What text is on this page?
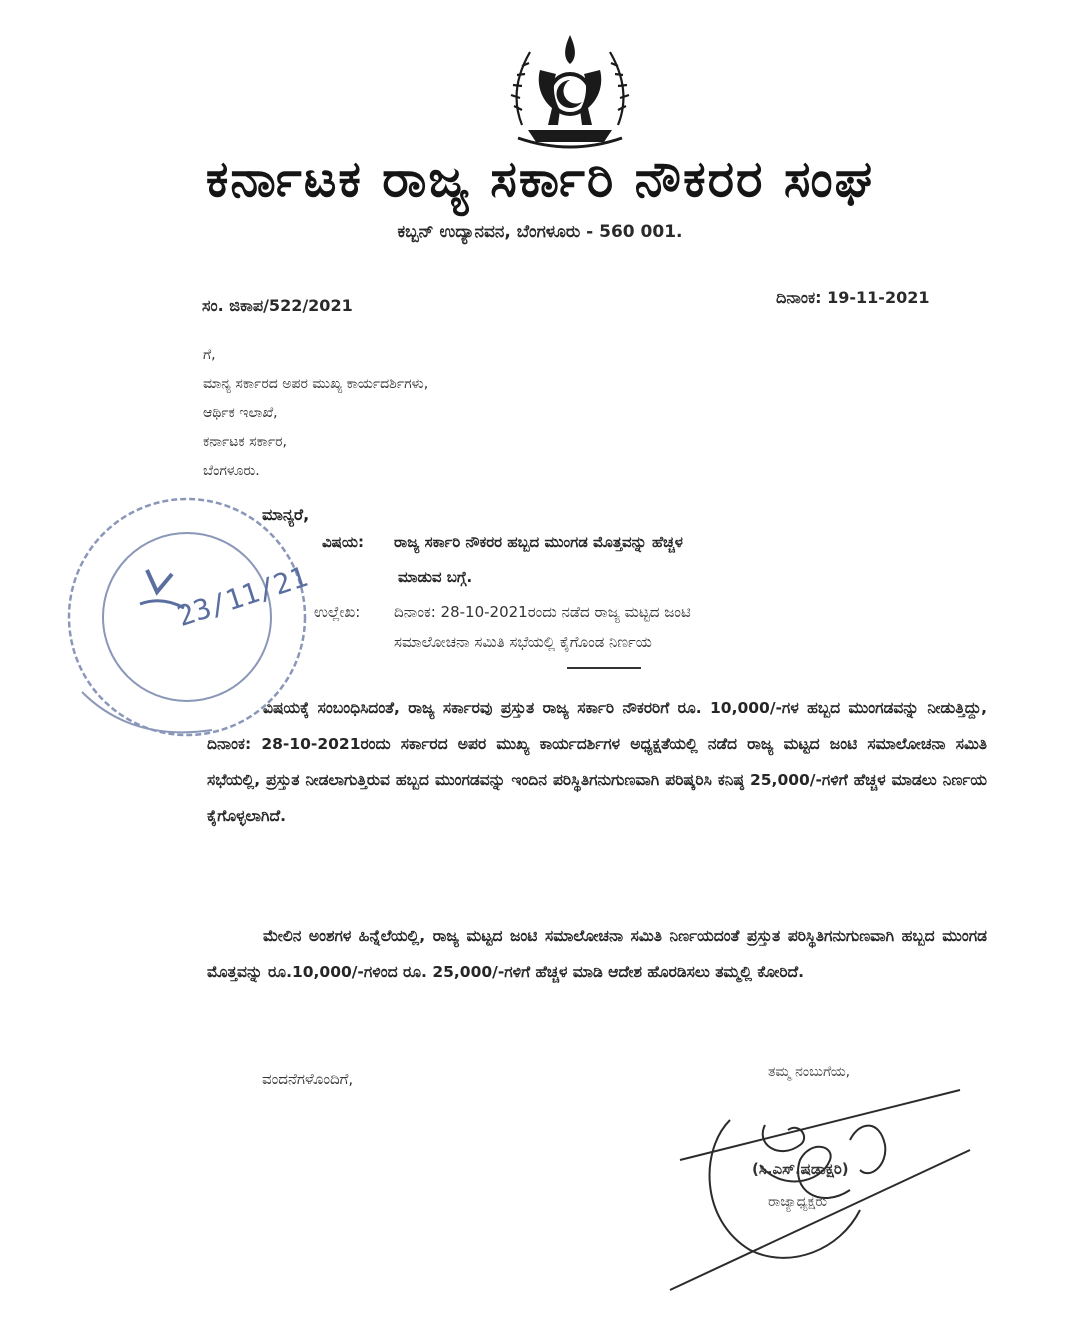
ಕರ್ನಾಟಕ ರಾಜ್ಯ ಸರ್ಕಾರಿ ನೌಕರರ ಸಂಘ
ಕಬ್ಬನ್ ಉದ್ಯಾನವನ, ಬೆಂಗಳೂರು - 560 001.
ಸಂ. ಜಿಕಾಪ/522/2021	ದಿನಾಂಕ: 19-11-2021
ಗೆ,
ಮಾನ್ಯ ಸರ್ಕಾರದ ಅಪರ ಮುಖ್ಯ ಕಾರ್ಯದರ್ಶಿಗಳು,
ಆರ್ಥಿಕ ಇಲಾಖೆ,
ಕರ್ನಾಟಕ ಸರ್ಕಾರ,
ಬೆಂಗಳೂರು.
ಮಾನ್ಯರೆ,
ವಿಷಯ: ರಾಜ್ಯ ಸರ್ಕಾರಿ ನೌಕರರ ಹಬ್ಬದ ಮುಂಗಡ ಮೊತ್ತವನ್ನು ಹೆಚ್ಚಳ
ಮಾಡುವ ಬಗ್ಗೆ.
ಉಲ್ಲೇಖ: ದಿನಾಂಕ: 28-10-2021ರಂದು ನಡೆದ ರಾಜ್ಯ ಮಟ್ಟದ ಜಂಟಿ
ಸಮಾಲೋಚನಾ ಸಮಿತಿ ಸಭೆಯಲ್ಲಿ ಕೈಗೊಂಡ ನಿರ್ಣಯ
ವಿಷಯಕ್ಕೆ ಸಂಬಂಧಿಸಿದಂತೆ, ರಾಜ್ಯ ಸರ್ಕಾರವು ಪ್ರಸ್ತುತ ರಾಜ್ಯ ಸರ್ಕಾರಿ ನೌಕರರಿಗೆ ರೂ. 10,000/-ಗಳ ಹಬ್ಬದ ಮುಂಗಡವನ್ನು ನೀಡುತ್ತಿದ್ದು, ದಿನಾಂಕ: 28-10-2021ರಂದು ಸರ್ಕಾರದ ಅಪರ ಮುಖ್ಯ ಕಾರ್ಯದರ್ಶಿಗಳ ಅಧ್ಯಕ್ಷತೆಯಲ್ಲಿ ನಡೆದ ರಾಜ್ಯ ಮಟ್ಟದ ಜಂಟಿ ಸಮಾಲೋಚನಾ ಸಮಿತಿ ಸಭೆಯಲ್ಲಿ, ಪ್ರಸ್ತುತ ನೀಡಲಾಗುತ್ತಿರುವ ಹಬ್ಬದ ಮುಂಗಡವನ್ನು ಇಂದಿನ ಪರಿಸ್ಥಿತಿಗನುಗುಣವಾಗಿ ಪರಿಷ್ಕರಿಸಿ ಕನಿಷ್ಠ 25,000/-ಗಳಿಗೆ ಹೆಚ್ಚಳ ಮಾಡಲು ನಿರ್ಣಯ ಕೈಗೊಳ್ಳಲಾಗಿದೆ.
ಮೇಲಿನ ಅಂಶಗಳ ಹಿನ್ನೆಲೆಯಲ್ಲಿ, ರಾಜ್ಯ ಮಟ್ಟದ ಜಂಟಿ ಸಮಾಲೋಚನಾ ಸಮಿತಿ ನಿರ್ಣಯದಂತೆ ಪ್ರಸ್ತುತ ಪರಿಸ್ಥಿತಿಗನುಗುಣವಾಗಿ ಹಬ್ಬದ ಮುಂಗಡ ಮೊತ್ತವನ್ನು ರೂ.10,000/-ಗಳಿಂದ ರೂ. 25,000/-ಗಳಿಗೆ ಹೆಚ್ಚಳ ಮಾಡಿ ಆದೇಶ ಹೊರಡಿಸಲು ತಮ್ಮಲ್ಲಿ ಕೋರಿದೆ.
ವಂದನೆಗಳೊಂದಿಗೆ,
23/11/21
ತಮ್ಮ ನಂಬುಗೆಯ,
(ಸಿ.ಎಸ್.ಷಡಾಕ್ಷರಿ)
ರಾಜ್ಯಾಧ್ಯಕ್ಷರು
